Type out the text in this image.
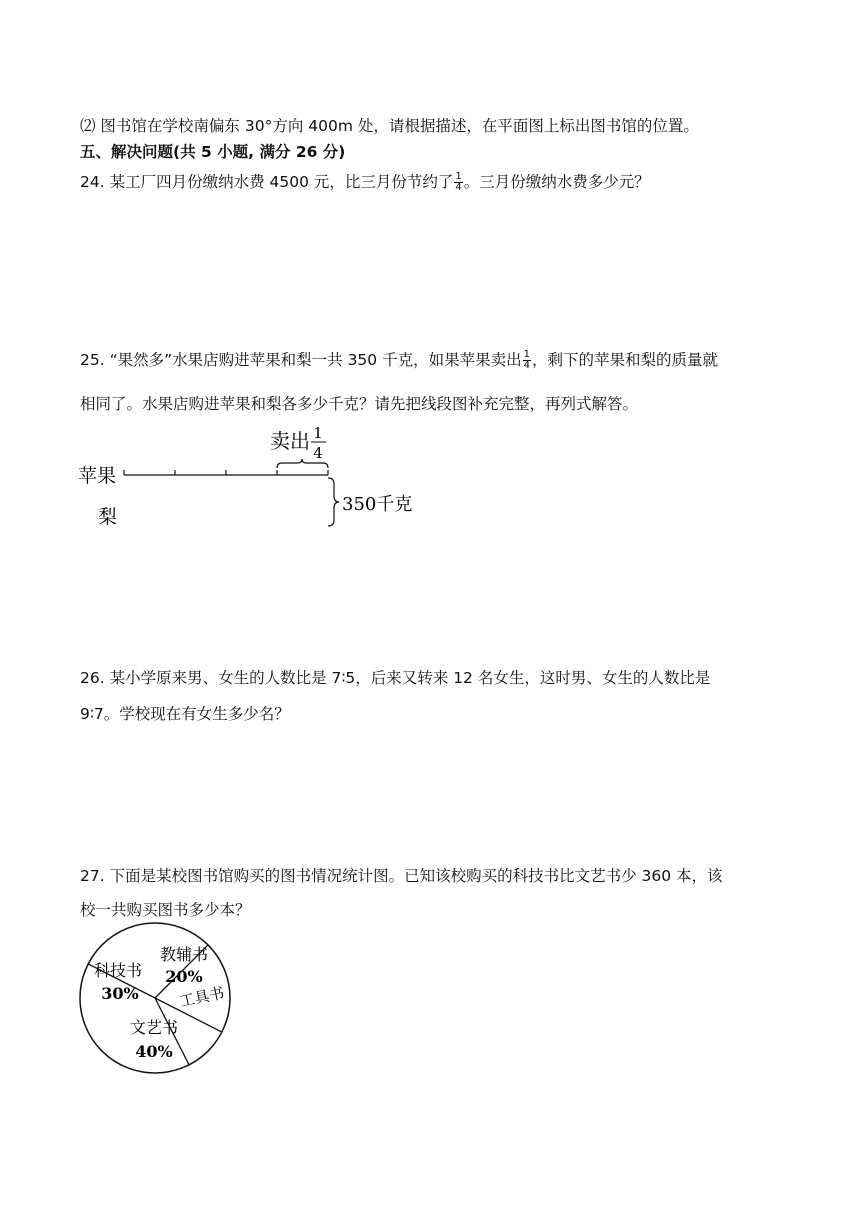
⑵ 图书馆在学校南偏东 30°方向 400m 处，请根据描述，在平面图上标出图书馆的位置。
五、解决问题(共 5 小题, 满分 26 分)
24. 某工厂四月份缴纳水费 4500 元，比三月份节约了 $\frac{1}{4}$ 。三月份缴纳水费多少元？
25. “果然多”水果店购进苹果和梨一共 350 千克，如果苹果卖出 $\frac{1}{4}$ ，剩下的苹果和梨的质量就
相同了。水果店购进苹果和梨各多少千克？请先把线段图补充完整，再列式解答。
卖出 1
4
苹果
梨
350千克
26. 某小学原来男、女生的人数比是 7∶5，后来又转来 12 名女生，这时男、女生的人数比是
9∶7。学校现在有女生多少名？
27. 下面是某校图书馆购买的图书情况统计图。已知该校购买的科技书比文艺书少 360 本，该
校一共购买图书多少本？
科技书
30%
教辅书
20%
工具书
文艺书
40%
